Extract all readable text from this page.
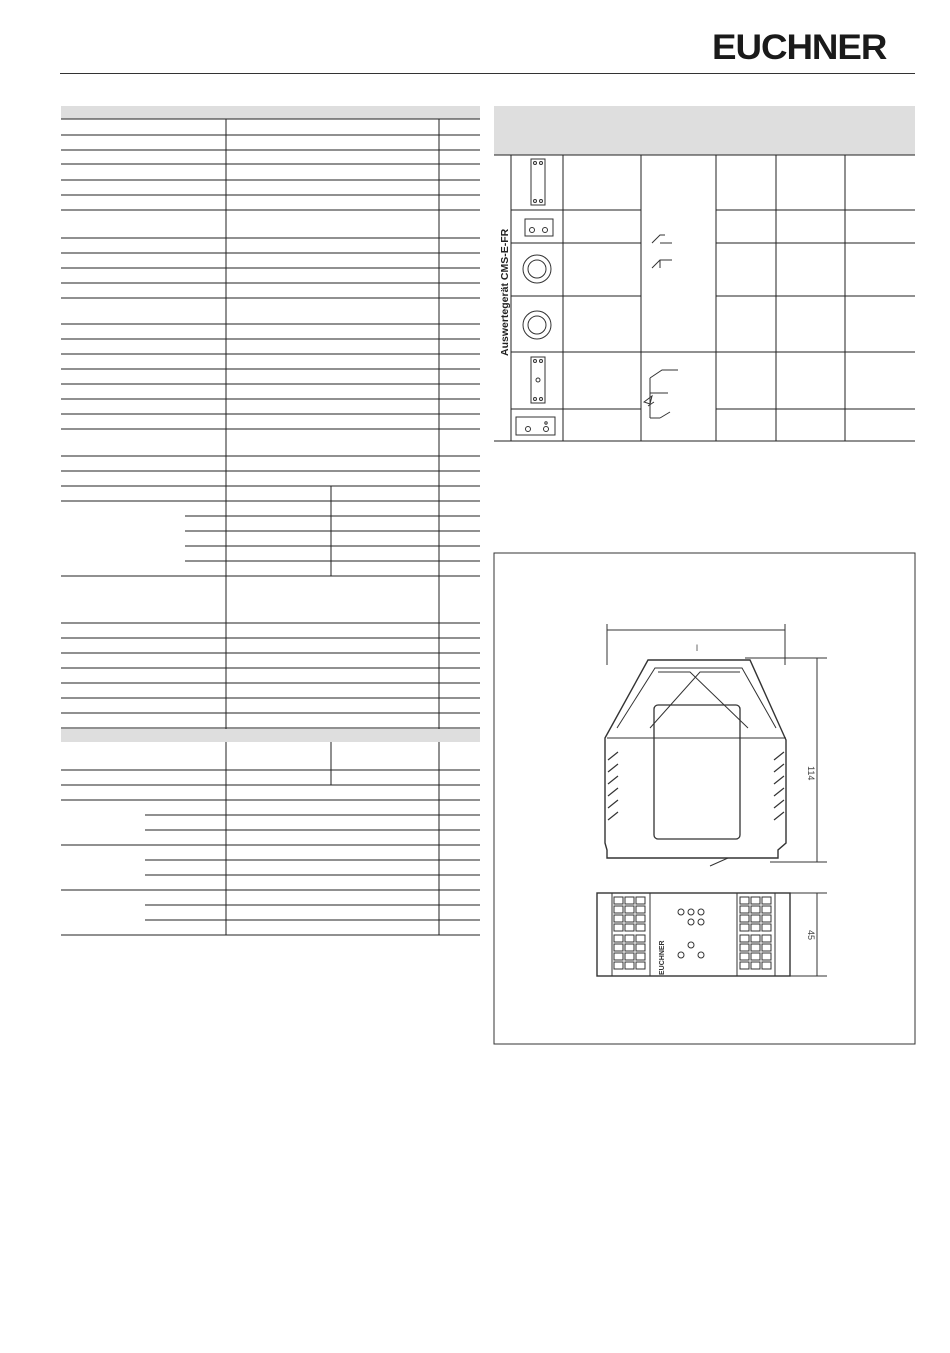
EUCHNER
Auswertegerät CMS-E-FR
l
114
45
EUCHNER
